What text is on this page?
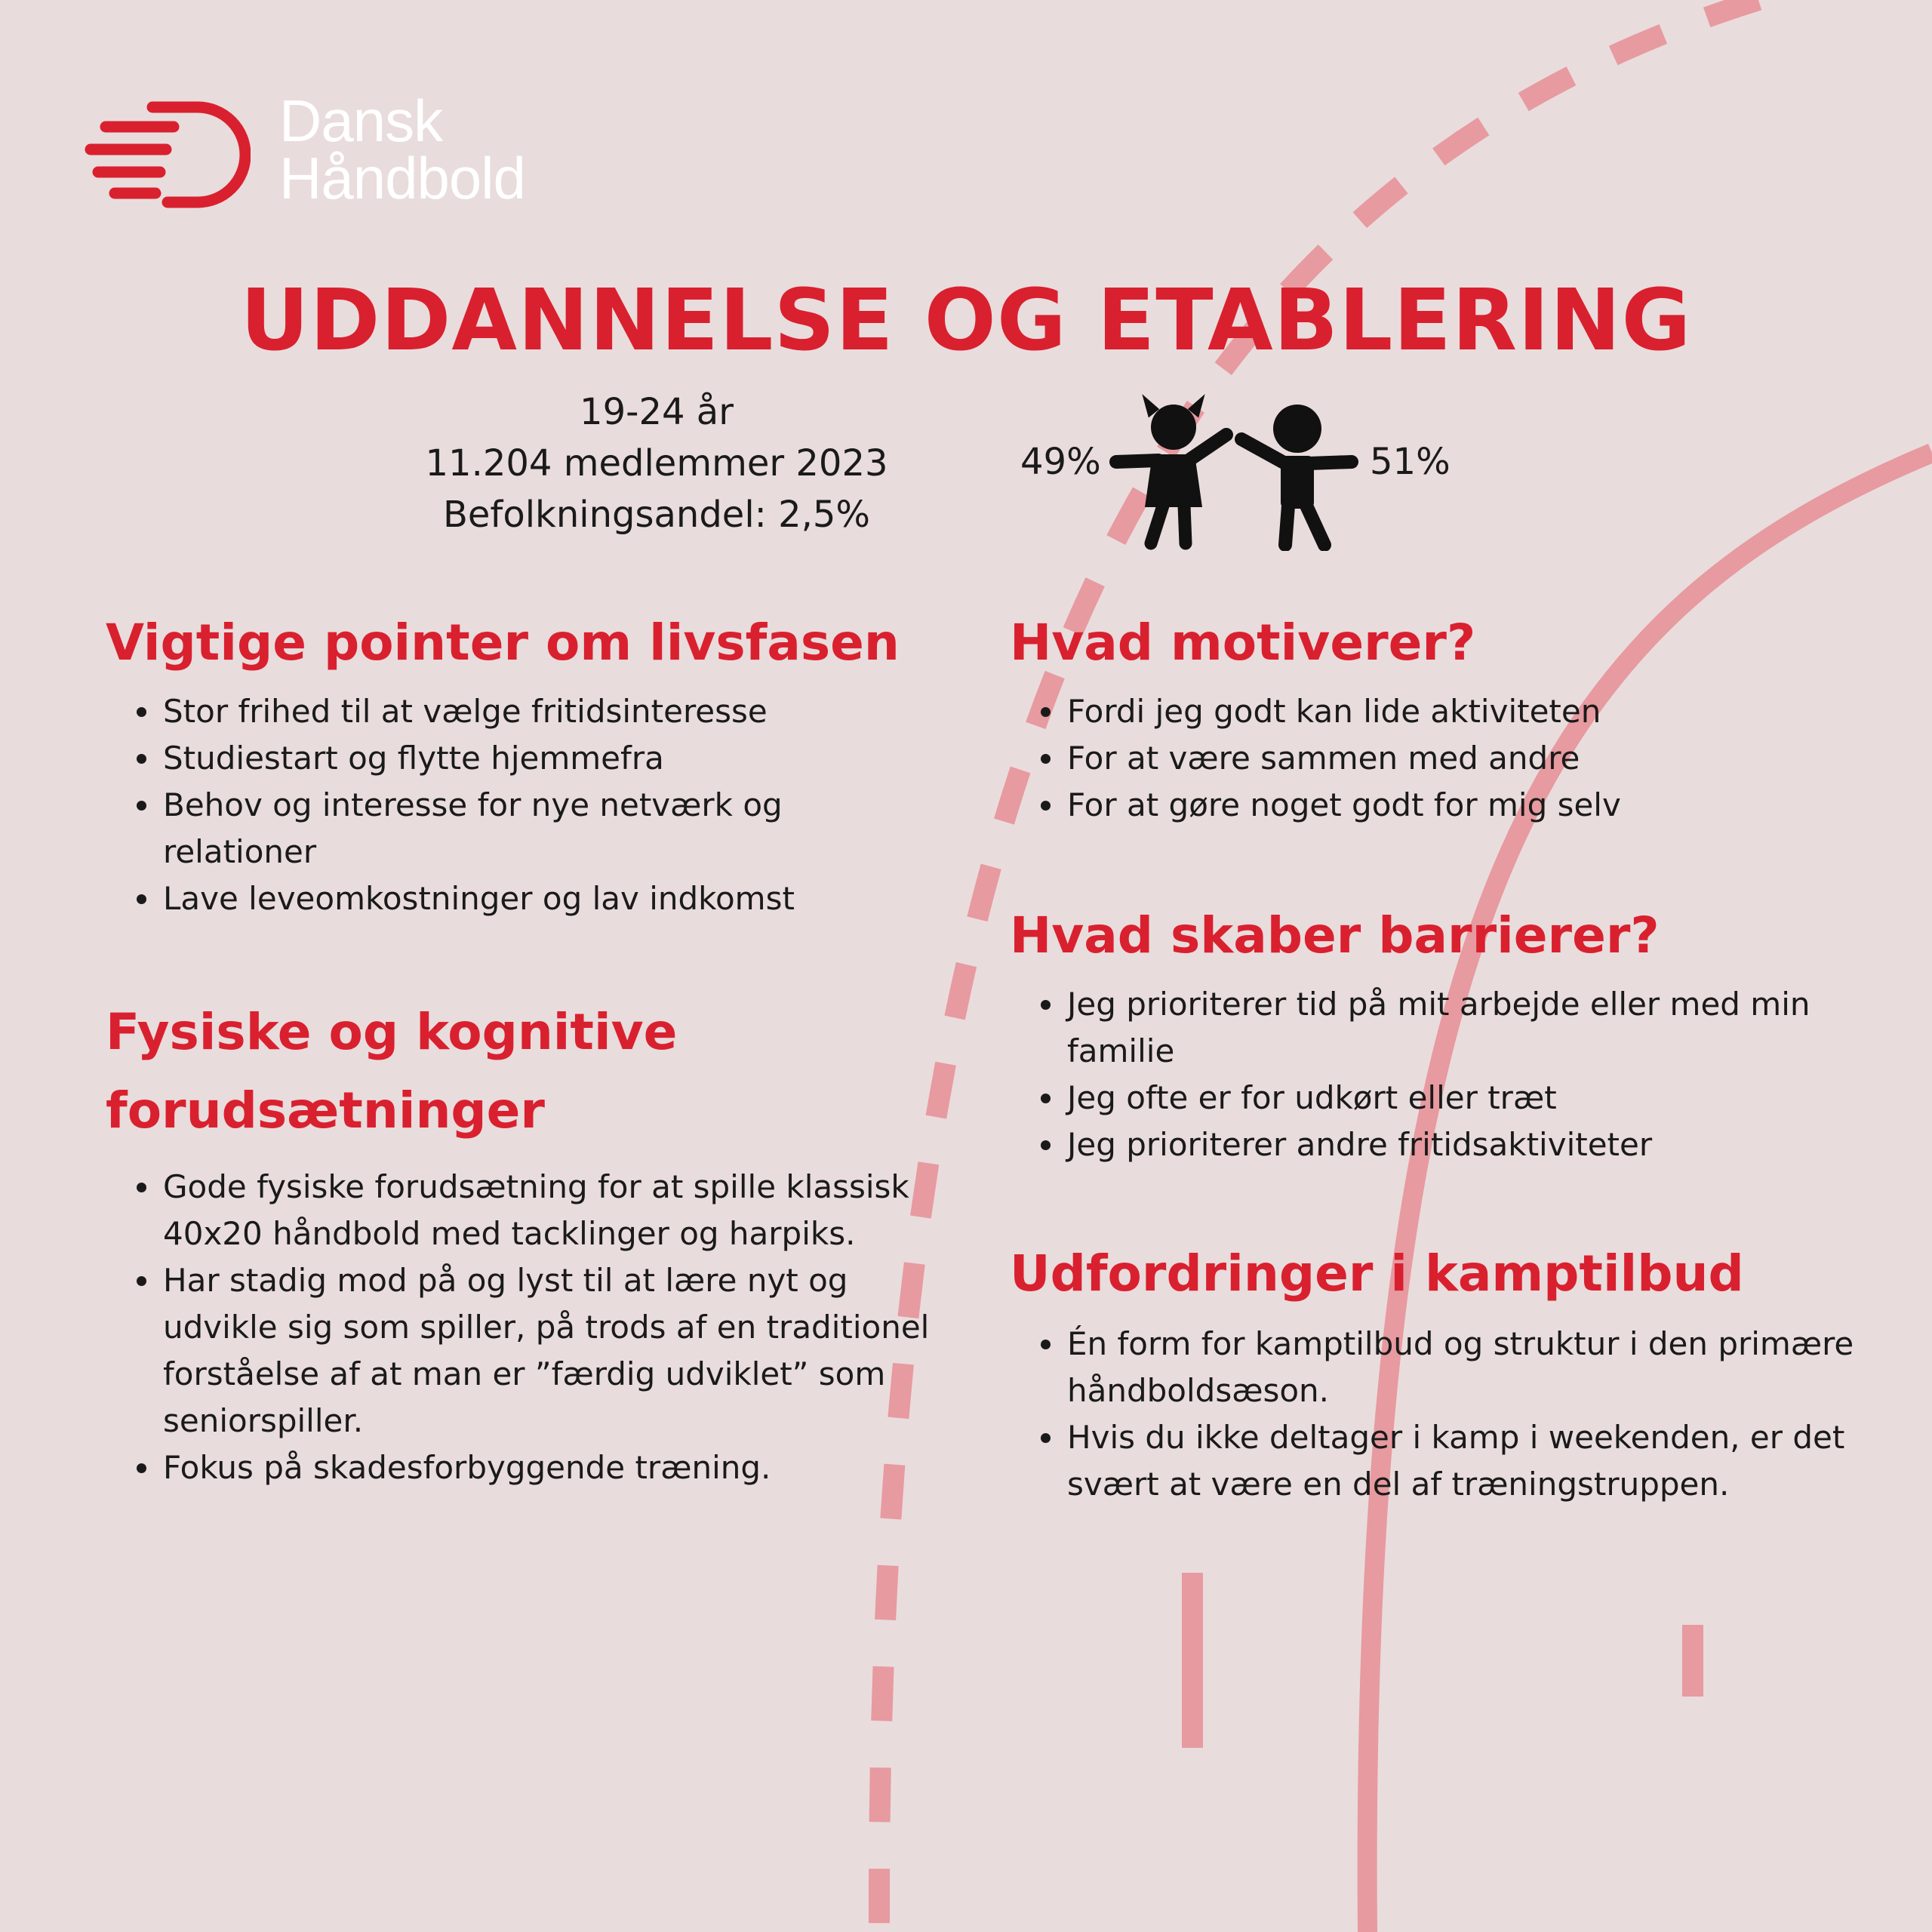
Dansk
Håndbold
UDDANNELSE OG ETABLERING
19-24 år
11.204 medlemmer 2023
Befolkningsandel: 2,5%
49%	51%
Vigtige pointer om livsfasen
• Stor frihed til at vælge fritidsinteresse
• Studiestart og flytte hjemmefra
• Behov og interesse for nye netværk og relationer
• Lave leveomkostninger og lav indkomst
Fysiske og kognitive forudsætninger
• Gode fysiske forudsætning for at spille klassisk 40x20 håndbold med tacklinger og harpiks.
• Har stadig mod på og lyst til at lære nyt og udvikle sig som spiller, på trods af en traditionel forståelse af at man er ”færdig udviklet” som seniorspiller.
• Fokus på skadesforbyggende træning.
Hvad motiverer?
• Fordi jeg godt kan lide aktiviteten
• For at være sammen med andre
• For at gøre noget godt for mig selv
Hvad skaber barrierer?
• Jeg prioriterer tid på mit arbejde eller med min familie
• Jeg ofte er for udkørt eller træt
• Jeg prioriterer andre fritidsaktiviteter
Udfordringer i kamptilbud
• Én form for kamptilbud og struktur i den primære håndboldsæson.
• Hvis du ikke deltager i kamp i weekenden, er det svært at være en del af træningstruppen.
